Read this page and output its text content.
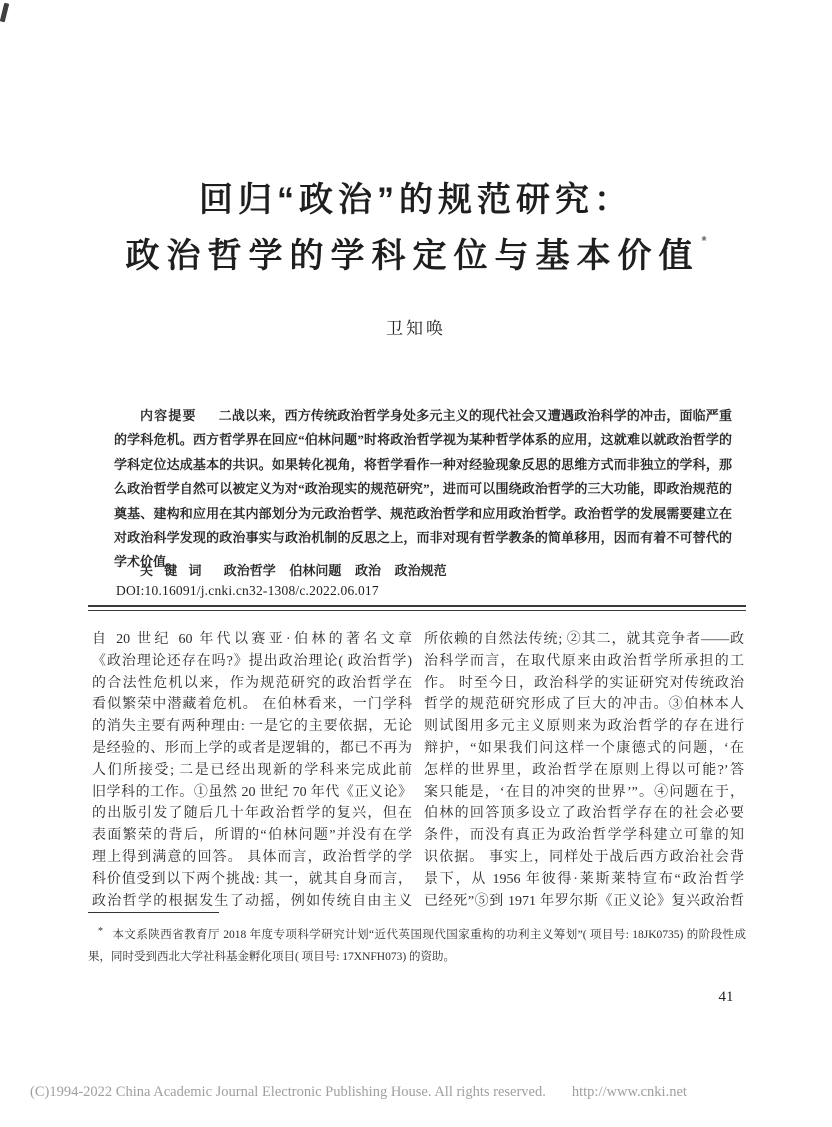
回归“政治”的规范研究：
政治哲学的学科定位与基本价值 *
卫知唤
内容提要 二战以来，西方传统政治哲学身处多元主义的现代社会又遭遇政治科学的冲击，面临严重的学科危机。西方哲学界在回应“伯林问题”时将政治哲学视为某种哲学体系的应用，这就难以就政治哲学的学科定位达成基本的共识。如果转化视角，将哲学看作一种对经验现象反思的思维方式而非独立的学科，那么政治哲学自然可以被定义为对“政治现实的规范研究”，进而可以围绕政治哲学的三大功能，即政治规范的奠基、建构和应用在其内部划分为元政治哲学、规范政治哲学和应用政治哲学。政治哲学的发展需要建立在对政治科学发现的政治事实与政治机制的反思之上，而非对现有哲学教条的简单移用，因而有着不可替代的学术价值。
关 键 词 政治哲学 伯林问题 政治 政治规范
DOI:10.16091/j.cnki.cn32-1308/c.2022.06.017
自 20 世纪 60 年代以赛亚·伯林的著名文章
《政治理论还存在吗?》提出政治理论( 政治哲学)
的合法性危机以来，作为规范研究的政治哲学在
看似繁荣中潜藏着危机。 在伯林看来，一门学科
的消失主要有两种理由: 一是它的主要依据，无论
是经验的、形而上学的或者是逻辑的，都已不再为
人们所接受; 二是已经出现新的学科来完成此前
旧学科的工作。①虽然 20 世纪 70 年代《正义论》
的出版引发了随后几十年政治哲学的复兴，但在
表面繁荣的背后，所谓的“伯林问题”并没有在学
理上得到满意的回答。 具体而言，政治哲学的学
科价值受到以下两个挑战: 其一，就其自身而言，
政治哲学的根据发生了动摇，例如传统自由主义
所依赖的自然法传统; ②其二，就其竞争者——政
治科学而言，在取代原来由政治哲学所承担的工
作。 时至今日，政治科学的实证研究对传统政治
哲学的规范研究形成了巨大的冲击。③伯林本人
则试图用多元主义原则来为政治哲学的存在进行
辩护，“如果我们问这样一个康德式的问题，‘在
怎样的世界里，政治哲学在原则上得以可能?’答
案只能是，‘在目的冲突的世界’”。④问题在于，
伯林的回答顶多设立了政治哲学存在的社会必要
条件，而没有真正为政治哲学学科建立可靠的知
识依据。 事实上，同样处于战后西方政治社会背
景下，从 1956 年彼得·莱斯莱特宣布“政治哲学
已经死”⑤到 1971 年罗尔斯《正义论》复兴政治哲
* 本文系陕西省教育厅 2018 年度专项科学研究计划“近代英国现代国家重构的功利主义筹划”( 项目号: 18JK0735) 的阶段性成果，同时受到西北大学社科基金孵化项目( 项目号: 17XNFH073) 的资助。
41
(C)1994-2022 China Academic Journal Electronic Publishing House. All rights reserved. http://www.cnki.net
